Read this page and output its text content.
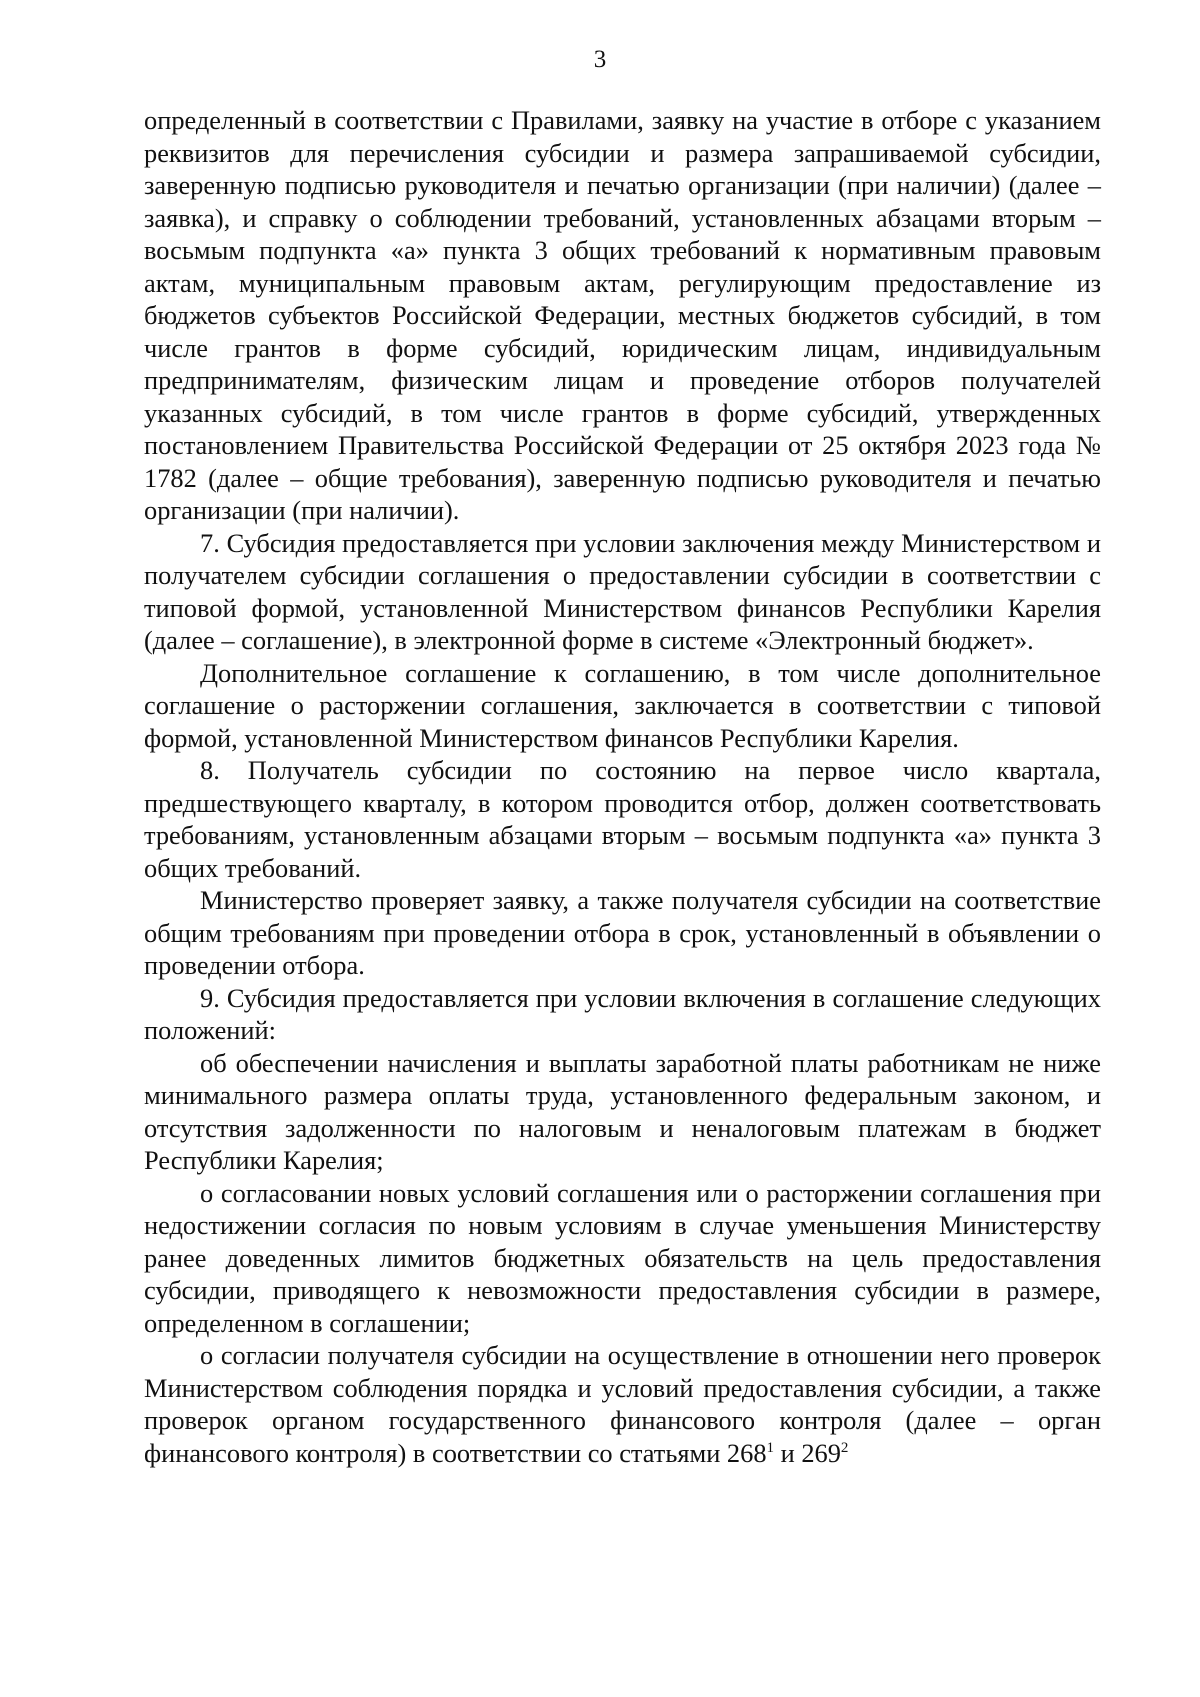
3

определенный в соответствии с Правилами, заявку на участие в отборе с указанием реквизитов для перечисления субсидии и размера запрашиваемой субсидии, заверенную подписью руководителя и печатью организации (при наличии) (далее – заявка), и справку о соблюдении требований, установленных абзацами вторым – восьмым подпункта «а» пункта 3 общих требований к нормативным правовым актам, муниципальным правовым актам, регулирующим предоставление из бюджетов субъектов Российской Федерации, местных бюджетов субсидий, в том числе грантов в форме субсидий, юридическим лицам, индивидуальным предпринимателям, физическим лицам и проведение отборов получателей указанных субсидий, в том числе грантов в форме субсидий, утвержденных постановлением Правительства Российской Федерации от 25 октября 2023 года № 1782 (далее – общие требования), заверенную подписью руководителя и печатью организации (при наличии).

7. Субсидия предоставляется при условии заключения между Министерством и получателем субсидии соглашения о предоставлении субсидии в соответствии с типовой формой, установленной Министерством финансов Республики Карелия (далее – соглашение), в электронной форме в системе «Электронный бюджет».

Дополнительное соглашение к соглашению, в том числе дополнительное соглашение о расторжении соглашения, заключается в соответствии с типовой формой, установленной Министерством финансов Республики Карелия.

8. Получатель субсидии по состоянию на первое число квартала, предшествующего кварталу, в котором проводится отбор, должен соответствовать требованиям, установленным абзацами вторым – восьмым подпункта «а» пункта 3 общих требований.

Министерство проверяет заявку, а также получателя субсидии на соответствие общим требованиям при проведении отбора в срок, установленный в объявлении о проведении отбора.

9. Субсидия предоставляется при условии включения в соглашение следующих положений:

об обеспечении начисления и выплаты заработной платы работникам не ниже минимального размера оплаты труда, установленного федеральным законом, и отсутствия задолженности по налоговым и неналоговым платежам в бюджет Республики Карелия;

о согласовании новых условий соглашения или о расторжении соглашения при недостижении согласия по новым условиям в случае уменьшения Министерству ранее доведенных лимитов бюджетных обязательств на цель предоставления субсидии, приводящего к невозможности предоставления субсидии в размере, определенном в соглашении;

о согласии получателя субсидии на осуществление в отношении него проверок Министерством соблюдения порядка и условий предоставления субсидии, а также проверок органом государственного финансового контроля (далее – орган финансового контроля) в соответствии со статьями $268^1$ и $269^2$
